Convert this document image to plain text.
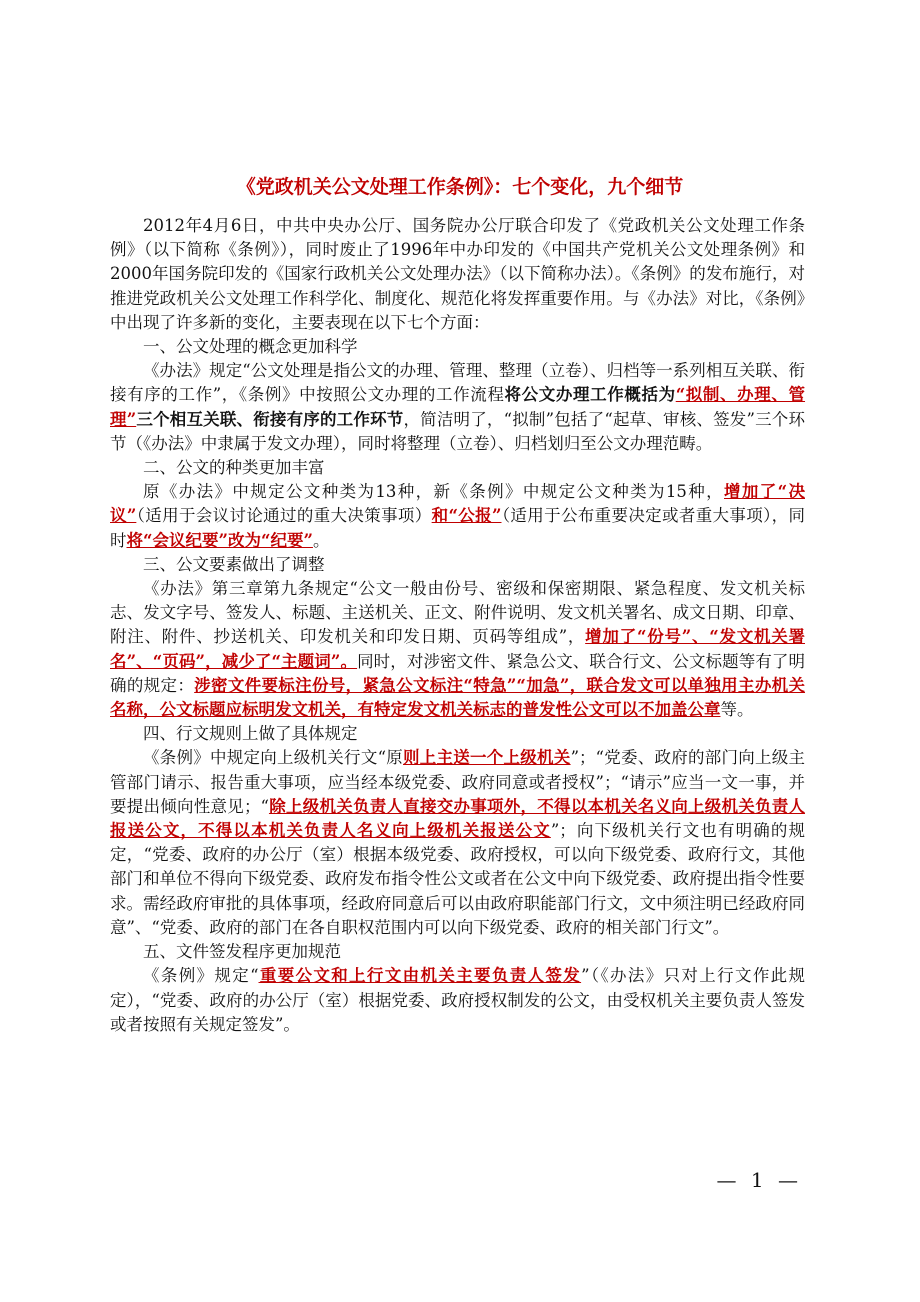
《党政机关公文处理工作条例》：七个变化，九个细节

2012年4月6日，中共中央办公厅、国务院办公厅联合印发了《党政机关公文处理工作条例》（以下简称《条例》），同时废止了1996年中办印发的《中国共产党机关公文处理条例》和2000年国务院印发的《国家行政机关公文处理办法》（以下简称办法）。《条例》的发布施行，对推进党政机关公文处理工作科学化、制度化、规范化将发挥重要作用。与《办法》对比，《条例》中出现了许多新的变化，主要表现在以下七个方面：

一、公文处理的概念更加科学

《办法》规定“公文处理是指公文的办理、管理、整理（立卷）、归档等一系列相互关联、衔接有序的工作”，《条例》中按照公文办理的工作流程将公文办理工作概括为“拟制、办理、管理”三个相互关联、衔接有序的工作环节，简洁明了，“拟制”包括了“起草、审核、签发”三个环节（《办法》中隶属于发文办理），同时将整理（立卷）、归档划归至公文办理范畴。

二、公文的种类更加丰富

原《办法》中规定公文种类为13种，新《条例》中规定公文种类为15种，增加了“决议”（适用于会议讨论通过的重大决策事项）和“公报”（适用于公布重要决定或者重大事项），同时将“会议纪要”改为“纪要”。

三、公文要素做出了调整

《办法》第三章第九条规定“公文一般由份号、密级和保密期限、紧急程度、发文机关标志、发文字号、签发人、标题、主送机关、正文、附件说明、发文机关署名、成文日期、印章、附注、附件、抄送机关、印发机关和印发日期、页码等组成”，增加了“份号”、“发文机关署名”、“页码”，减少了“主题词”。同时，对涉密文件、紧急公文、联合行文、公文标题等有了明确的规定：涉密文件要标注份号，紧急公文标注“特急”“加急”，联合发文可以单独用主办机关名称，公文标题应标明发文机关，有特定发文机关标志的普发性公文可以不加盖公章等。

四、行文规则上做了具体规定

《条例》中规定向上级机关行文“原则上主送一个上级机关”；“党委、政府的部门向上级主管部门请示、报告重大事项，应当经本级党委、政府同意或者授权”；“请示”应当一文一事，并要提出倾向性意见；“除上级机关负责人直接交办事项外，不得以本机关名义向上级机关负责人报送公文，不得以本机关负责人名义向上级机关报送公文”；向下级机关行文也有明确的规定，“党委、政府的办公厅（室）根据本级党委、政府授权，可以向下级党委、政府行文，其他部门和单位不得向下级党委、政府发布指令性公文或者在公文中向下级党委、政府提出指令性要求。需经政府审批的具体事项，经政府同意后可以由政府职能部门行文，文中须注明已经政府同意”、“党委、政府的部门在各自职权范围内可以向下级党委、政府的相关部门行文”。

五、文件签发程序更加规范

《条例》规定“重要公文和上行文由机关主要负责人签发”（《办法》只对上行文作此规定），“党委、政府的办公厅（室）根据党委、政府授权制发的公文，由受权机关主要负责人签发或者按照有关规定签发”。

— 1 —
